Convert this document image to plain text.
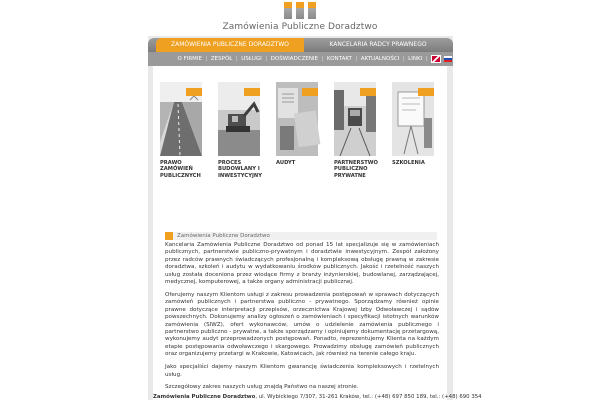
Zamówienia Publiczne Doradztwo
ZAMÓWIENIA PUBLICZNE DORADZTWO	KANCELARIA RADCY PRAWNEGO
O FIRMIE | ZESPÓŁ | USŁUGI | DOŚWIADCZENIE | KONTAKT | AKTUALNOŚCI | LINKI |
PRAWO ZAMÓWIEŃ PUBLICZNYCH
PROCES BUDOWLANY I INWESTYCYJNY
AUDYT	PARTNERSTWO PUBLICZNO PRYWATNE
SZKOLENIA
Zamówienia Publiczne Doradztwo

Kancelaria Zamówienia Publiczne Doradztwo od ponad 15 lat specjalizuje się w zamówieniach publicznych, partnerstwie publiczno-prywatnym i doradztwie inwestycyjnym. Zespół założony przez radców prawnych świadczących profesjonalną i kompleksową obsługę prawną w zakresie doradztwa, szkoleń i audytu w wydatkowaniu środków publicznych. Jakość i rzetelność naszych usług została doceniona przez wiodące firmy z branży inżynierskiej, budowlanej, zarządzającej, medycznej, komputerowej, a także organy administracji publicznej.

Oferujemy naszym Klientom usługi z zakresu prowadzenia postępowań w sprawach dotyczących zamówień publicznych i partnerstwa publiczno - prywatnego. Sporządzamy również opinie prawne dotyczące interpretacji przepisów, orzecznictwa Krajowej Izby Odwoławczej i sądów powszechnych. Dokonujemy analizy ogłoszeń o zamówieniach i specyfikacji istotnych warunków zamówienia (SIWZ), ofert wykonawców, umów o udzielenie zamówienia publicznego i partnerstwo publiczno - prywatne, a także sporządzamy i opiniujemy dokumentację przetargową, wykonujemy audyt przeprowadzonych postępowań. Ponadto, reprezentujemy Klienta na każdym etapie postępowania odwoławczego i skargowego. Prowadzimy obsługę zamówień publicznych oraz organizujemy przetargi w Krakowie, Katowicach, jak również na terenie całego kraju.

Jako specjaliści dajemy naszym Klientom gwarancję świadczenia kompleksowych i rzetelnych usług.

Szczegółowy zakres naszych usług znajdą Państwo na naszej stronie.

Zamówienia Publiczne Doradztwo, ul. Wybickiego 7/307, 31-261 Kraków, tel.: (+48) 697 850 189, tel.: (+48) 690 354
